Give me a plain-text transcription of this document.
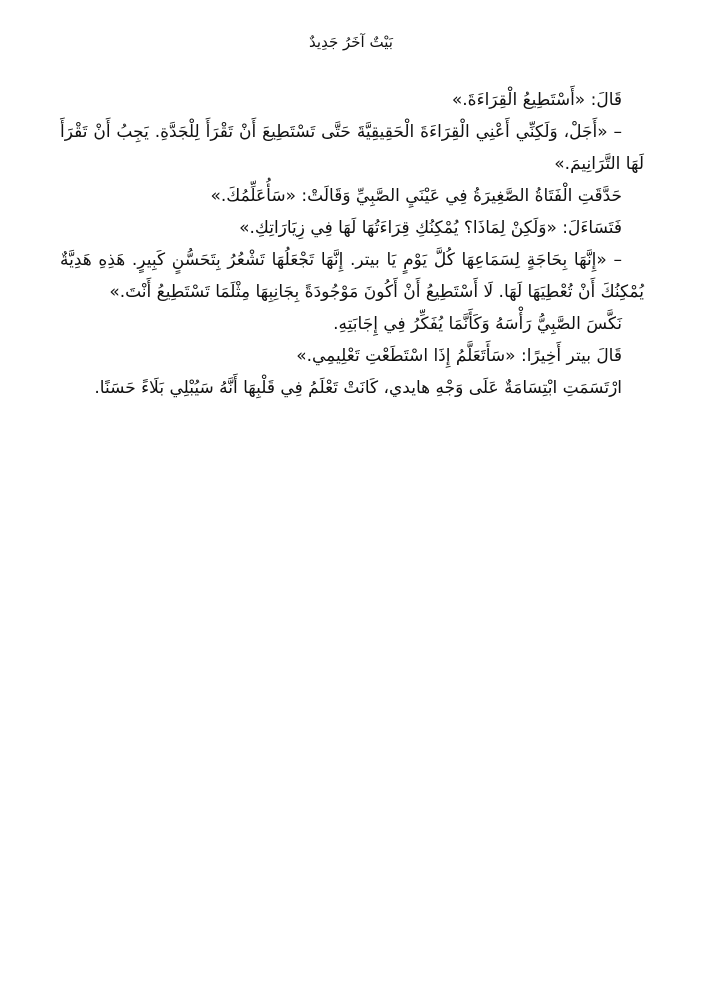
بَيْتٌ آخَرُ جَدِيدٌ

قَالَ: «أَسْتَطِيعُ الْقِرَاءَةَ.»

– «أَجَلْ، وَلَكِنِّي أَعْنِي الْقِرَاءَةَ الْحَقِيقِيَّةَ حَتَّى تَسْتَطِيعَ أَنْ تَقْرَأَ لِلْجَدَّةِ. يَجِبُ أَنْ تَقْرَأَ لَهَا التَّرَانِيمَ.»

حَدَّقَتِ الْفَتَاةُ الصَّغِيرَةُ فِي عَيْنَيِ الصَّبِيِّ وَقَالَتْ: «سَأُعَلِّمُكَ.»

فَتَسَاءَلَ: «وَلَكِنْ لِمَاذَا؟ يُمْكِنُكِ قِرَاءَتُهَا لَهَا فِي زِيَارَاتِكِ.»

– «إِنَّهَا بِحَاجَةٍ لِسَمَاعِهَا كُلَّ يَوْمٍ يَا بيتر. إِنَّهَا تَجْعَلُهَا تَشْعُرُ بِتَحَسُّنٍ كَبِيرٍ. هَذِهِ هَدِيَّةٌ يُمْكِنُكَ أَنْ تُعْطِيَهَا لَهَا. لَا أَسْتَطِيعُ أَنْ أَكُونَ مَوْجُودَةً بِجَانِبِهَا مِثْلَمَا تَسْتَطِيعُ أَنْتَ.»

نَكَّسَ الصَّبِيُّ رَأْسَهُ وَكَأَنَّمَا يُفَكِّرُ فِي إِجَابَتِهِ.

قَالَ بيتر أَخِيرًا: «سَأَتَعَلَّمُ إِذَا اسْتَطَعْتِ تَعْلِيمِي.»

ارْتَسَمَتِ ابْتِسَامَةٌ عَلَى وَجْهِ هايدي، كَانَتْ تَعْلَمُ فِي قَلْبِهَا أَنَّهُ سَيُبْلِي بَلَاءً حَسَنًا.
